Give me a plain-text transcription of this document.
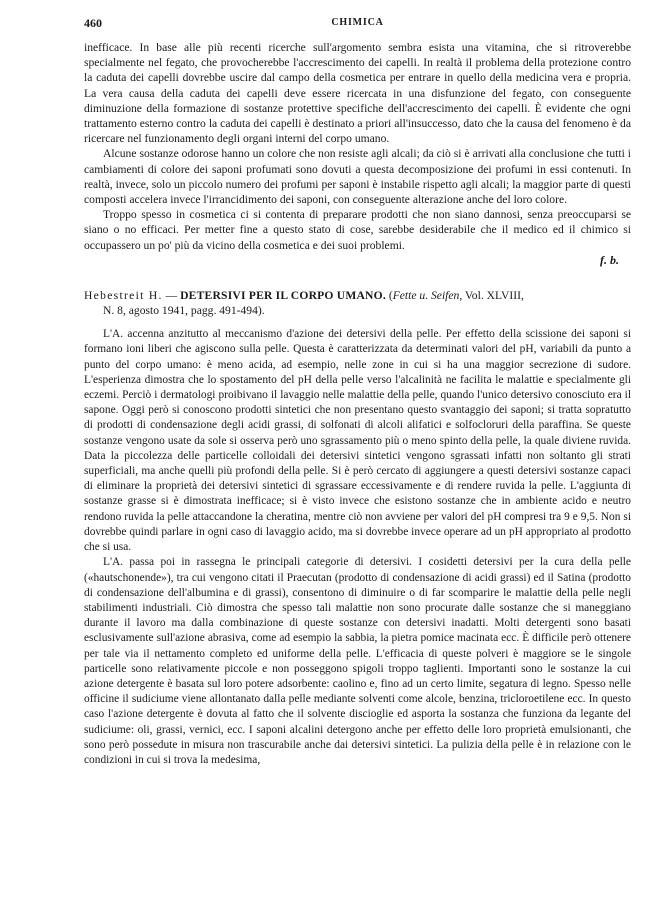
460	CHIMICA

inefficace. In base alle più recenti ricerche sull'argomento sembra esista una vitamina, che si ritroverebbe specialmente nel fegato, che provocherebbe l'accrescimento dei capelli. In realtà il problema della protezione contro la caduta dei capelli dovrebbe uscire dal campo della cosmetica per entrare in quello della medicina vera e propria. La vera causa della caduta dei capelli deve essere ricercata in una disfunzione del fegato, con conseguente diminuzione della formazione di sostanze protettive specifiche dell'accrescimento dei capelli. È evidente che ogni trattamento esterno contro la caduta dei capelli è destinato a priori all'insuccesso, dato che la causa del fenomeno è da ricercare nel funzionamento degli organi interni del corpo umano.

Alcune sostanze odorose hanno un colore che non resiste agli alcali; da ciò si è arrivati alla conclusione che tutti i cambiamenti di colore dei saponi profumati sono dovuti a questa decomposizione dei profumi in essi contenuti. In realtà, invece, solo un piccolo numero dei profumi per saponi è instabile rispetto agli alcali; la maggior parte di questi composti accelera invece l'irrancidimento dei saponi, con conseguente alterazione anche del loro colore.

Troppo spesso in cosmetica ci si contenta di preparare prodotti che non siano dannosi, senza preoccuparsi se siano o no efficaci. Per metter fine a questo stato di cose, sarebbe desiderabile che il medico ed il chimico si occupassero un po' più da vicino della cosmetica e dei suoi problemi.

f. b.
Hebestreit H. — DETERSIVI PER IL CORPO UMANO. (Fette u. Seifen, Vol. XLVIII,
N. 8, agosto 1941, pagg. 491-494).

L'A. accenna anzitutto al meccanismo d'azione dei detersivi della pelle. Per effetto della scissione dei saponi si formano ioni liberi che agiscono sulla pelle. Questa è caratterizzata da determinati valori del pH, variabili da punto a punto del corpo umano: è meno acida, ad esempio, nelle zone in cui si ha una maggior secrezione di sudore. L'esperienza dimostra che lo spostamento del pH della pelle verso l'alcalinità ne facilita le malattie e specialmente gli eczemi. Perciò i dermatologi proibivano il lavaggio nelle malattie della pelle, quando l'unico detersivo conosciuto era il sapone. Oggi però si conoscono prodotti sintetici che non presentano questo svantaggio dei saponi; si tratta sopratutto di prodotti di condensazione degli acidi grassi, di solfonati di alcoli alifatici e solfocloruri della paraffina. Se queste sostanze vengono usate da sole si osserva però uno sgrassamento più o meno spinto della pelle, la quale diviene ruvida. Data la piccolezza delle particelle colloidali dei detersivi sintetici vengono sgrassati infatti non soltanto gli strati superficiali, ma anche quelli più profondi della pelle. Si è però cercato di aggiungere a questi detersivi sostanze capaci di eliminare la proprietà dei detersivi sintetici di sgrassare eccessivamente e di rendere ruvida la pelle. L'aggiunta di sostanze grasse si è dimostrata inefficace; si è visto invece che esistono sostanze che in ambiente acido e neutro rendono ruvida la pelle attaccandone la cheratina, mentre ciò non avviene per valori del pH compresi tra 9 e 9,5. Non si dovrebbe quindi parlare in ogni caso di lavaggio acido, ma si dovrebbe invece operare ad un pH appropriato al prodotto che si usa.

L'A. passa poi in rassegna le principali categorie di detersivi. I cosidetti detersivi per la cura della pelle («hautschonende»), tra cui vengono citati il Praecutan (prodotto di condensazione di acidi grassi) ed il Satina (prodotto di condensazione dell'albumina e di grassi), consentono di diminuire o di far scomparire le malattie della pelle negli stabilimenti industriali. Ciò dimostra che spesso tali malattie non sono procurate dalle sostanze che si maneggiano durante il lavoro ma dalla combinazione di queste sostanze con detersivi inadatti. Molti detergenti sono basati esclusivamente sull'azione abrasiva, come ad esempio la sabbia, la pietra pomice macinata ecc. È difficile però ottenere per tale via il nettamento completo ed uniforme della pelle. L'efficacia di queste polveri è maggiore se le singole particelle sono relativamente piccole e non posseggono spigoli troppo taglienti. Importanti sono le sostanze la cui azione detergente è basata sul loro potere adsorbente: caolino e, fino ad un certo limite, segatura di legno. Spesso nelle officine il sudiciume viene allontanato dalla pelle mediante solventi come alcole, benzina, tricloroetilene ecc. In questo caso l'azione detergente è dovuta al fatto che il solvente discioglie ed asporta la sostanza che funziona da legante del sudiciume: oli, grassi, vernici, ecc. I saponi alcalini detergono anche per effetto delle loro proprietà emulsionanti, che sono però possedute in misura non trascurabile anche dai detersivi sintetici. La pulizia della pelle è in relazione con le condizioni in cui si trova la medesima,
